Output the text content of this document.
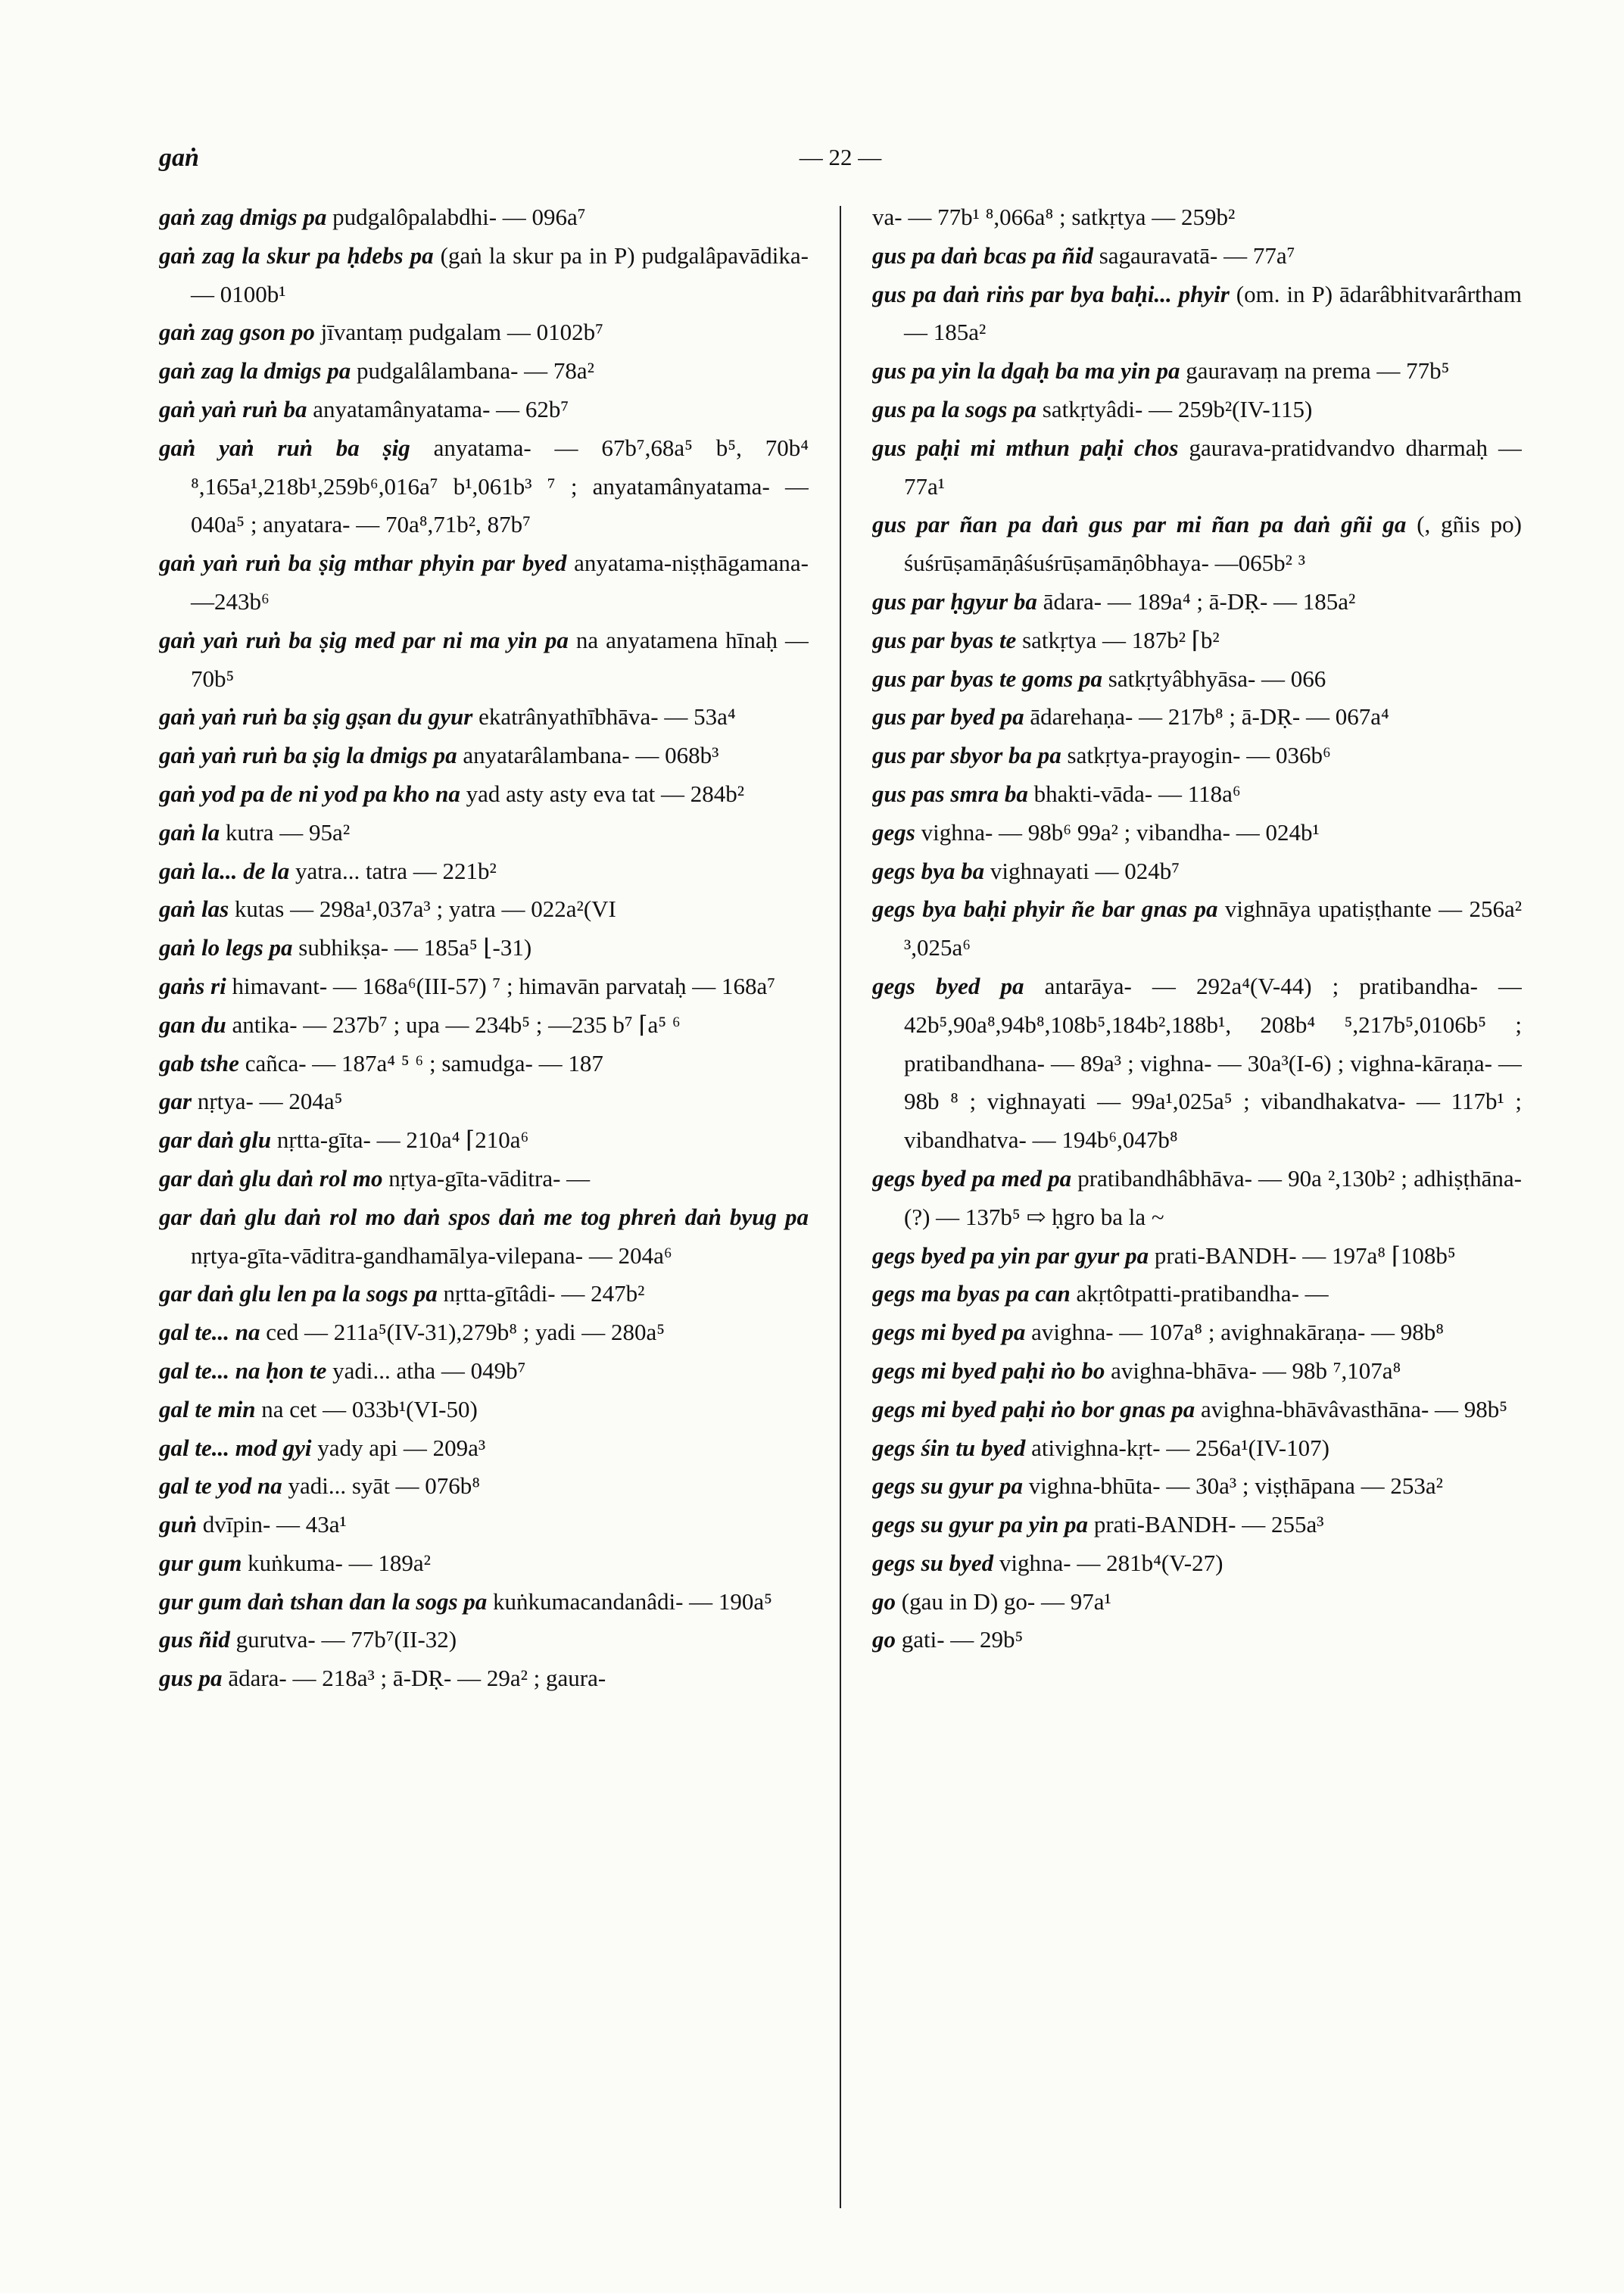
gaṅ	— 22 —

gaṅ zag dmigs pa pudgalôpalabdhi- — 096a⁷

gaṅ zag la skur pa ḥdebs pa (gaṅ la skur pa in P) pudgalâpavādika- — 0100b¹

gaṅ zag gson po jīvantaṃ pudgalam — 0102b⁷

gaṅ zag la dmigs pa pudgalâlambana- — 78a²

gaṅ yaṅ ruṅ ba anyatamânyatama- — 62b⁷

gaṅ yaṅ ruṅ ba ṣig anyatama- — 67b⁷,68a⁵ b⁵, 70b⁴ ⁸,165a¹,218b¹,259b⁶,016a⁷ b¹,061b³ ⁷ ; anyatamânyatama- — 040a⁵ ; anyatara- — 70a⁸,71b², 87b⁷

gaṅ yaṅ ruṅ ba ṣig mthar phyin par byed anyatama-niṣṭhāgamana- —243b⁶

gaṅ yaṅ ruṅ ba ṣig med par ni ma yin pa na anyatamena hīnaḥ — 70b⁵

gaṅ yaṅ ruṅ ba ṣig gṣan du gyur ekatrânyathībhāva- — 53a⁴

gaṅ yaṅ ruṅ ba ṣig la dmigs pa anyatarâlambana- — 068b³

gaṅ yod pa de ni yod pa kho na yad asty asty eva tat — 284b²

gaṅ la kutra — 95a²

gaṅ la... de la yatra... tatra — 221b²

gaṅ las kutas — 298a¹,037a³ ; yatra — 022a²(VI

gaṅ lo legs pa subhikṣa- — 185a⁵ ⌊-31)

gaṅs ri himavant- — 168a⁶(III-57) ⁷ ; himavān parvataḥ — 168a⁷

gan du antika- — 237b⁷ ; upa — 234b⁵ ; —235 b⁷ ⌈a⁵ ⁶

gab tshe cañca- — 187a⁴ ⁵ ⁶ ; samudga- — 187

gar nṛtya- — 204a⁵

gar daṅ glu nṛtta-gīta- — 210a⁴ ⌈210a⁶

gar daṅ glu daṅ rol mo nṛtya-gīta-vāditra- —

gar daṅ glu daṅ rol mo daṅ spos daṅ me tog phreṅ daṅ byug pa nṛtya-gīta-vāditra-gandhamālya-vilepana- — 204a⁶

gar daṅ glu len pa la sogs pa nṛtta-gītâdi- — 247b²

gal te... na ced — 211a⁵(IV-31),279b⁸ ; yadi — 280a⁵

gal te... na ḥon te yadi... atha — 049b⁷

gal te min na cet — 033b¹(VI-50)

gal te... mod gyi yady api — 209a³

gal te yod na yadi... syāt — 076b⁸

guṅ dvīpin- — 43a¹

gur gum kuṅkuma- — 189a²

gur gum daṅ tshan dan la sogs pa kuṅkumacandanâdi- — 190a⁵

gus ñid gurutva- — 77b⁷(II-32)

gus pa ādara- — 218a³ ; ā-DṚ- — 29a² ; gaura-

va- — 77b¹ ⁸,066a⁸ ; satkṛtya — 259b²

gus pa daṅ bcas pa ñid sagauravatā- — 77a⁷

gus pa daṅ riṅs par bya baḥi... phyir (om. in P) ādarâbhitvarârtham — 185a²

gus pa yin la dgaḥ ba ma yin pa gauravaṃ na prema — 77b⁵

gus pa la sogs pa satkṛtyâdi- — 259b²(IV-115)

gus paḥi mi mthun paḥi chos gaurava-pratidvandvo dharmaḥ — 77a¹

gus par ñan pa daṅ gus par mi ñan pa daṅ gñi ga (, gñis po) śuśrūṣamāṇâśuśrūṣamāṇôbhaya- —065b² ³

gus par ḥgyur ba ādara- — 189a⁴ ; ā-DṚ- — 185a²

gus par byas te satkṛtya — 187b² ⌈b²

gus par byas te goms pa satkṛtyâbhyāsa- — 066

gus par byed pa ādarehaṇa- — 217b⁸ ; ā-DṚ- — 067a⁴

gus par sbyor ba pa satkṛtya-prayogin- — 036b⁶

gus pas smra ba bhakti-vāda- — 118a⁶

gegs vighna- — 98b⁶ 99a² ; vibandha- — 024b¹

gegs bya ba vighnayati — 024b⁷

gegs bya baḥi phyir ñe bar gnas pa vighnāya upatiṣṭhante — 256a² ³,025a⁶

gegs byed pa antarāya- — 292a⁴(V-44) ; pratibandha- — 42b⁵,90a⁸,94b⁸,108b⁵,184b²,188b¹, 208b⁴ ⁵,217b⁵,0106b⁵ ; pratibandhana- — 89a³ ; vighna- — 30a³(I-6) ; vighna-kāraṇa- — 98b ⁸ ; vighnayati — 99a¹,025a⁵ ; vibandhakatva- — 117b¹ ; vibandhatva- — 194b⁶,047b⁸

gegs byed pa med pa pratibandhâbhāva- — 90a ²,130b² ; adhiṣṭhāna-(?) — 137b⁵ ⇨ ḥgro ba la ~

gegs byed pa yin par gyur pa prati-BANDH- — 197a⁸ ⌈108b⁵

gegs ma byas pa can akṛtôtpatti-pratibandha- —

gegs mi byed pa avighna- — 107a⁸ ; avighnakāraṇa- — 98b⁸

gegs mi byed paḥi ṅo bo avighna-bhāva- — 98b ⁷,107a⁸

gegs mi byed paḥi ṅo bor gnas pa avighna-bhāvâvasthāna- — 98b⁵

gegs śin tu byed ativighna-kṛt- — 256a¹(IV-107)

gegs su gyur pa vighna-bhūta- — 30a³ ; viṣṭhāpana — 253a²

gegs su gyur pa yin pa prati-BANDH- — 255a³

gegs su byed vighna- — 281b⁴(V-27)

go (gau in D) go- — 97a¹

go gati- — 29b⁵
